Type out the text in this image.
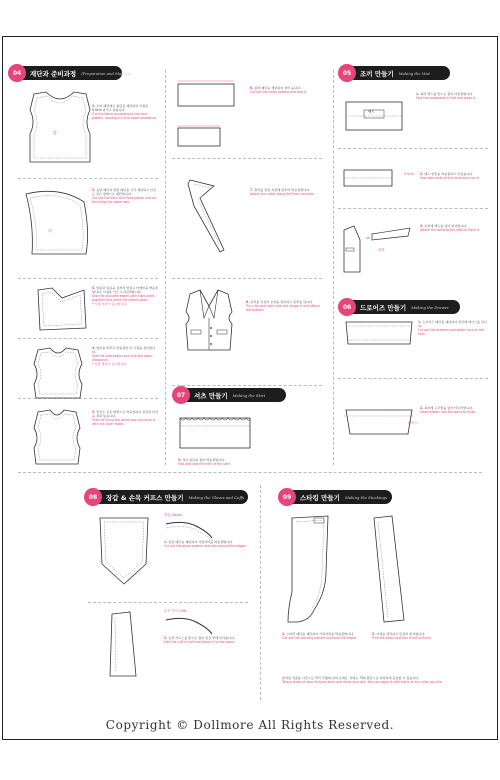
04	재단과 준비과정 (Preparation and Making)	05	조끼 만들기 Making the Vest
06	드로어즈 만들기 Making the Drawer
07	셔츠 만들기 Making the Skirt
08	장갑 & 손목 커프스 만들기 Making the Gloves and Cuffs	09	스타킹 만들기 Making the Stockings
앞
1. 조끼 패턴대로 원단을 재단하여 시접을 0.5cm 남기고 자릅니다.
Cut the fabric according to the vest pattern, leaving a 0.5cm seam allowance.
뒤
2. 등판 패턴과 앞판 패턴을 각각 재단하고 안감도 같은 방법으로 재단합니다.
Cut out the back and front pieces and cut the lining the same way.
3. 앞판과 뒤판을 겉끼리 맞대고 어깨선을 박음질합니다. 시접을 가르고 다림질합니다.
Sew the shoulder seams with right sides together and press the seams open.
* 시접 처리가 중요합니다.
4. 옆선을 맞추고 박음질한 뒤 시접을 정리합니다.
Sew the side seams and trim the seam allowance.
* 시접 정리가 중요합니다.
5. 안감도 같은 방법으로 박음질하여 겉감과 안감을 겹쳐 놓습니다.
Sew the lining the same way and layer it with the outer fabric.
6. 칼라 패턴을 재단하여 접어 둡니다.
Cut out the collar pattern and fold it.
7. 칼라를 앞판 목선에 맞추어 박음질합니다.
Attach the collar along the front neckline.
8. 조끼를 뒤집어 모양을 정리하고 단추를 답니다.
Turn the vest right side out, shape it and attach the buttons.
9. 셔츠 밑단을 접어 박음질합니다.
Fold and sew the hem of the skirt.
밴드
1. 허리 밴드를 반으로 접어 다림질합니다.
Fold the waistband in half and press it.
0.5cm 2. 밴드 양끝을 박음질하고 뒤집습니다.
Sew both ends of the band and turn it.
칼라
3. 조끼에 밴드를 달아 완성합니다.
Attach the band to the vest to finish it.
1. 드로어즈 패턴을 재단하여 밑단에 레이스를 답니다.
Cut out the drawers and attach lace to the hem.
레이스
2. 허리에 고무줄을 넣어 마무리합니다.
Insert elastic into the waist to finish.
장갑 Gloves
1. 장갑 패턴을 재단하여 가장자리를 박음질합니다.
Cut out the glove pattern and sew around the edges.
손목 커프 Cuffs
2. 손목 커프스를 반으로 접어 장갑 끝에 달아줍니다.
Fold the cuff in half and attach it to the glove.
1. 스타킹 패턴을 재단하여 가장자리를 박음질합니다.
Cut out the stocking pattern and sew the edges.
2. 시접을 정리하고 뒤집어 완성합니다.
Trim the seam and turn it out to finish.
완성된 작품을 사진으로 찍어 인형에 입혀 보세요. 원하는 색의 원단으로 다양하게 응용할 수 있습니다.
Take a photo of your finished work and dress your doll. You can apply it with fabric of any color you like.
Copyright © Dollmore All Rights Reserved.
